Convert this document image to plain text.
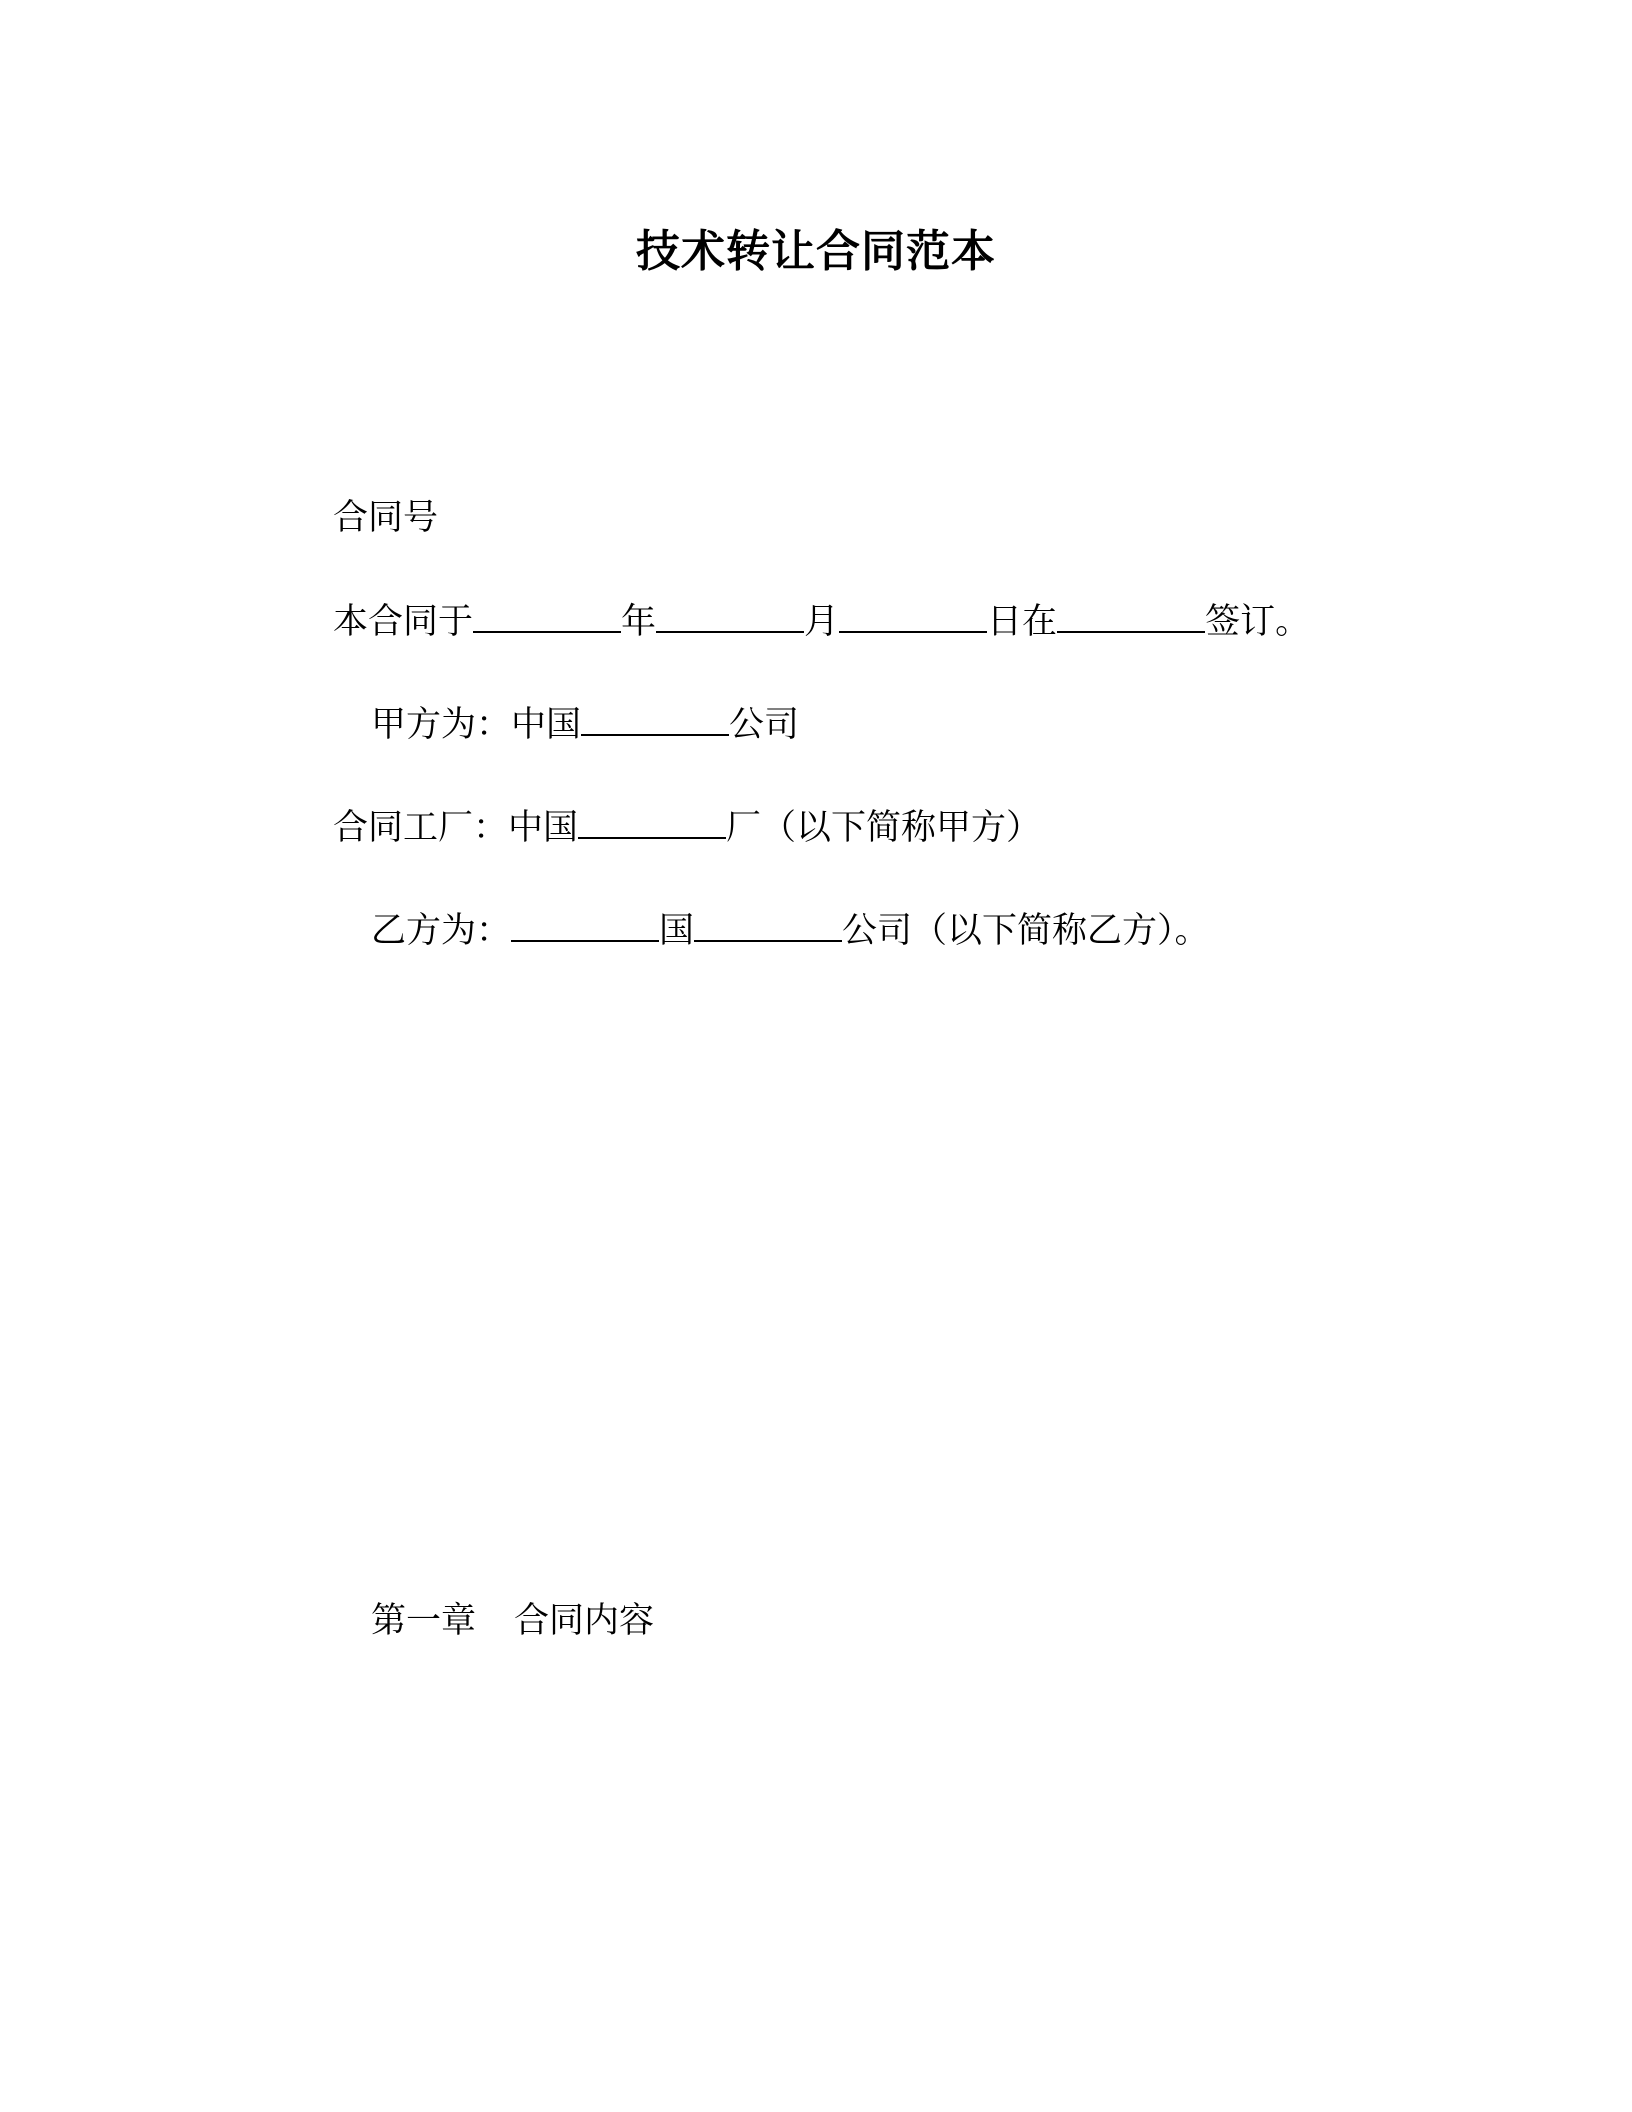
技术转让合同范本
合同号
本合同于	年	月	日在	签订。
甲方为：中国	公司
合同工厂：中国	厂（以下简称甲方）
乙方为：	国	公司（以下简称乙方）。
第一章 合同内容
